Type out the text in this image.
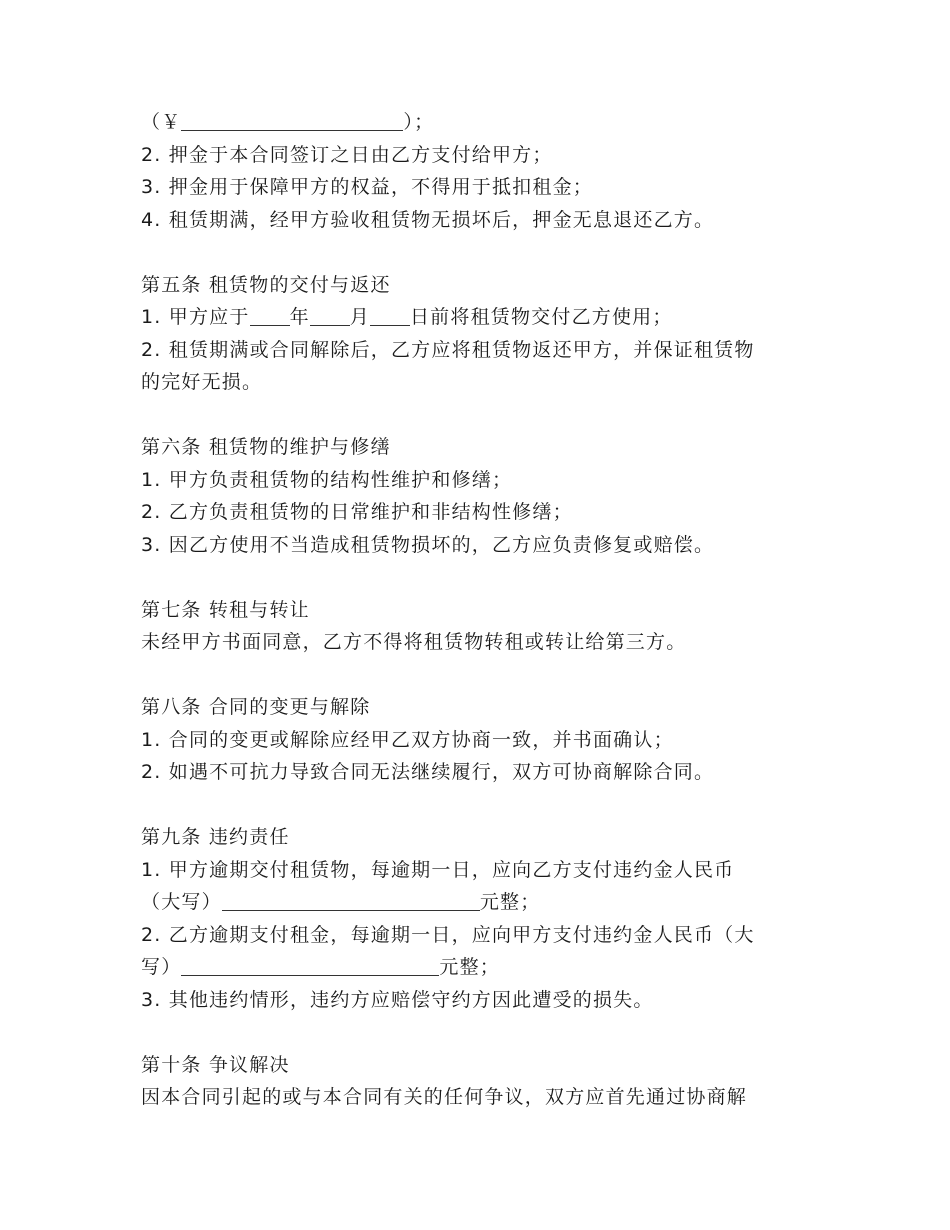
（￥	）；
2. 押金于本合同签订之日由乙方支付给甲方；
3. 押金用于保障甲方的权益，不得用于抵扣租金；
4. 租赁期满，经甲方验收租赁物无损坏后，押金无息退还乙方。
第五条 租赁物的交付与返还
1. 甲方应于 年 月 日前将租赁物交付乙方使用；
2. 租赁期满或合同解除后，乙方应将租赁物返还甲方，并保证租赁物
的完好无损。
第六条 租赁物的维护与修缮
1. 甲方负责租赁物的结构性维护和修缮；
2. 乙方负责租赁物的日常维护和非结构性修缮；
3. 因乙方使用不当造成租赁物损坏的，乙方应负责修复或赔偿。
第七条 转租与转让
未经甲方书面同意，乙方不得将租赁物转租或转让给第三方。
第八条 合同的变更与解除
1. 合同的变更或解除应经甲乙双方协商一致，并书面确认；
2. 如遇不可抗力导致合同无法继续履行，双方可协商解除合同。
第九条 违约责任
1. 甲方逾期交付租赁物，每逾期一日，应向乙方支付违约金人民币
（大写）	元整；
2. 乙方逾期支付租金，每逾期一日，应向甲方支付违约金人民币（大
写）	元整；
3. 其他违约情形，违约方应赔偿守约方因此遭受的损失。
第十条 争议解决
因本合同引起的或与本合同有关的任何争议，双方应首先通过协商解
